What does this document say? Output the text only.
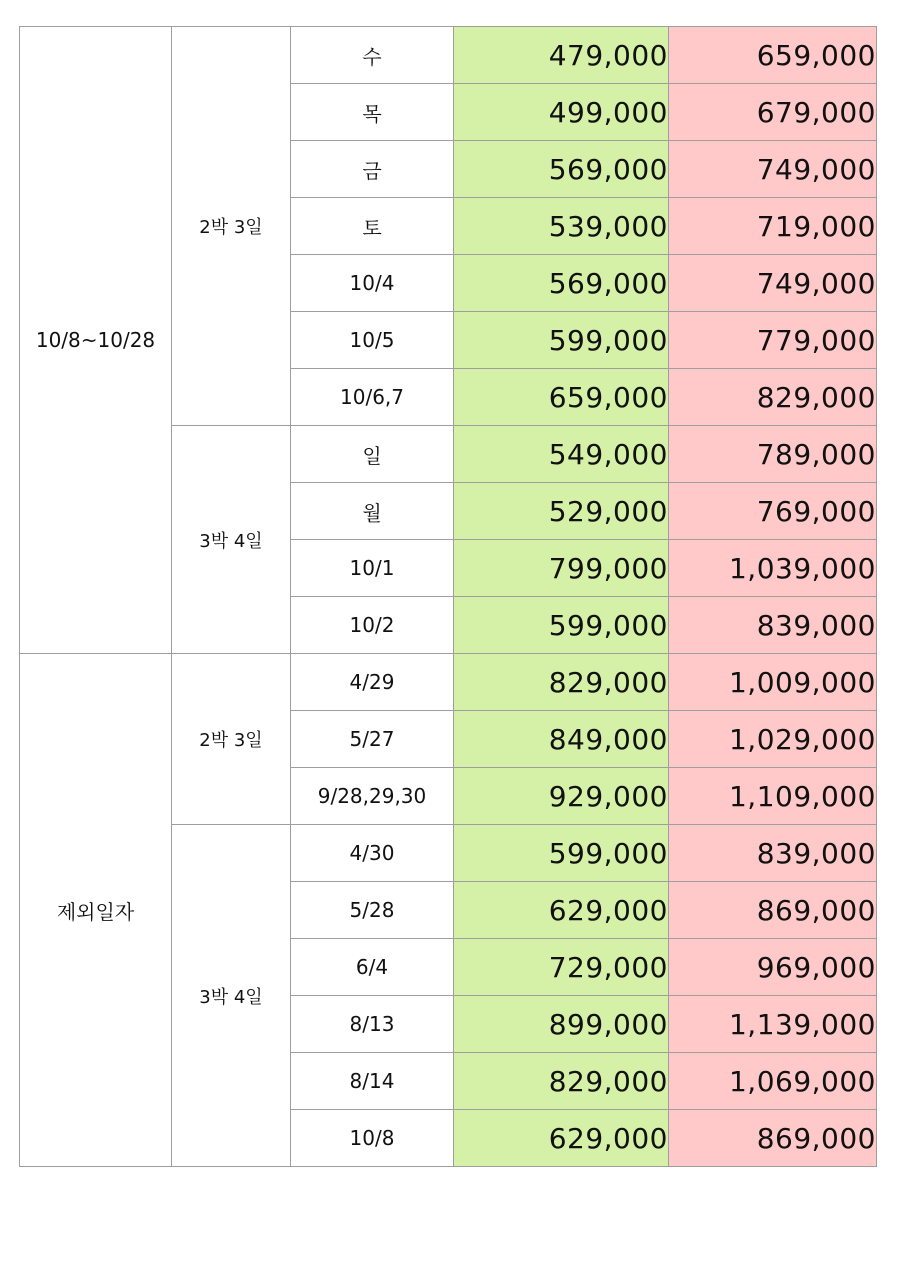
10/8~10/28	2박 3일	수	479,000	659,000
		목	499,000	679,000
		금	569,000	749,000
		토	539,000	719,000
		10/4	569,000	749,000
		10/5	599,000	779,000
		10/6,7	659,000	829,000
	3박 4일	일	549,000	789,000
		월	529,000	769,000
		10/1	799,000	1,039,000
		10/2	599,000	839,000
제외일자	2박 3일	4/29	829,000	1,009,000
		5/27	849,000	1,029,000
		9/28,29,30	929,000	1,109,000
	3박 4일	4/30	599,000	839,000
		5/28	629,000	869,000
		6/4	729,000	969,000
		8/13	899,000	1,139,000
		8/14	829,000	1,069,000
		10/8	629,000	869,000
